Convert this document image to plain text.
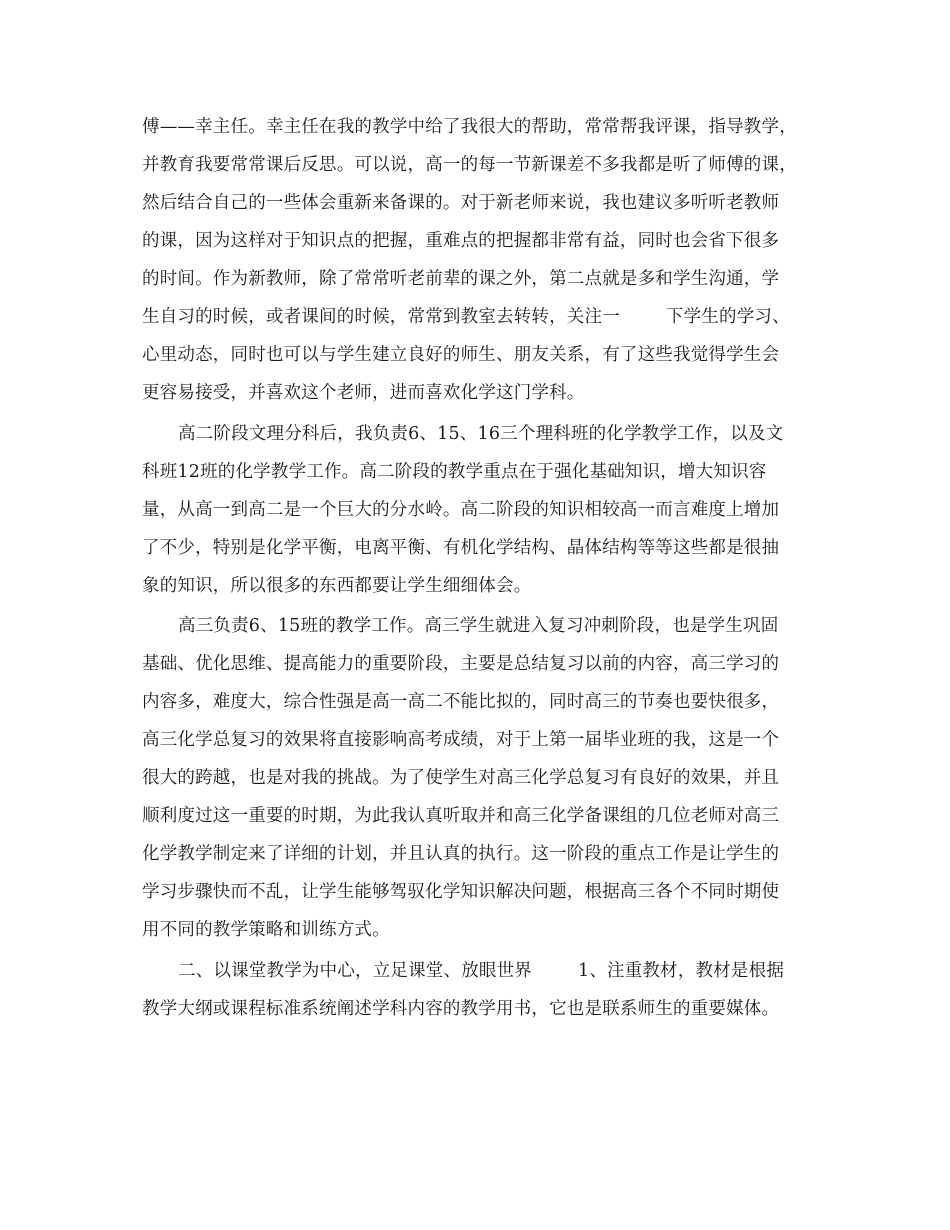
傅——幸主任。幸主任在我的教学中给了我很大的帮助，常常帮我评课，指导教学，
并教育我要常常课后反思。可以说，高一的每一节新课差不多我都是听了师傅的课，
然后结合自己的一些体会重新来备课的。对于新老师来说，我也建议多听听老教师
的课，因为这样对于知识点的把握，重难点的把握都非常有益，同时也会省下很多
的时间。作为新教师，除了常常听老前辈的课之外，第二点就是多和学生沟通，学
生自习的时候，或者课间的时候，常常到教室去转转，关注一	下学生的学习、
心里动态，同时也可以与学生建立良好的师生、朋友关系，有了这些我觉得学生会
更容易接受，并喜欢这个老师，进而喜欢化学这门学科。
高二阶段文理分科后，我负责6、15、16三个理科班的化学教学工作，以及文
科班12班的化学教学工作。高二阶段的教学重点在于强化基础知识，增大知识容
量，从高一到高二是一个巨大的分水岭。高二阶段的知识相较高一而言难度上增加
了不少，特别是化学平衡，电离平衡、有机化学结构、晶体结构等等这些都是很抽
象的知识，所以很多的东西都要让学生细细体会。
高三负责6、15班的教学工作。高三学生就进入复习冲刺阶段，也是学生巩固
基础、优化思维、提高能力的重要阶段，主要是总结复习以前的内容，高三学习的
内容多，难度大，综合性强是高一高二不能比拟的，同时高三的节奏也要快很多，
高三化学总复习的效果将直接影响高考成绩，对于上第一届毕业班的我，这是一个
很大的跨越，也是对我的挑战。为了使学生对高三化学总复习有良好的效果，并且
顺利度过这一重要的时期，为此我认真听取并和高三化学备课组的几位老师对高三
化学教学制定来了详细的计划，并且认真的执行。这一阶段的重点工作是让学生的
学习步骤快而不乱，让学生能够驾驭化学知识解决问题，根据高三各个不同时期使
用不同的教学策略和训练方式。
二、以课堂教学为中心，立足课堂、放眼世界	1、注重教材，教材是根据
教学大纲或课程标准系统阐述学科内容的教学用书，它也是联系师生的重要媒体。
